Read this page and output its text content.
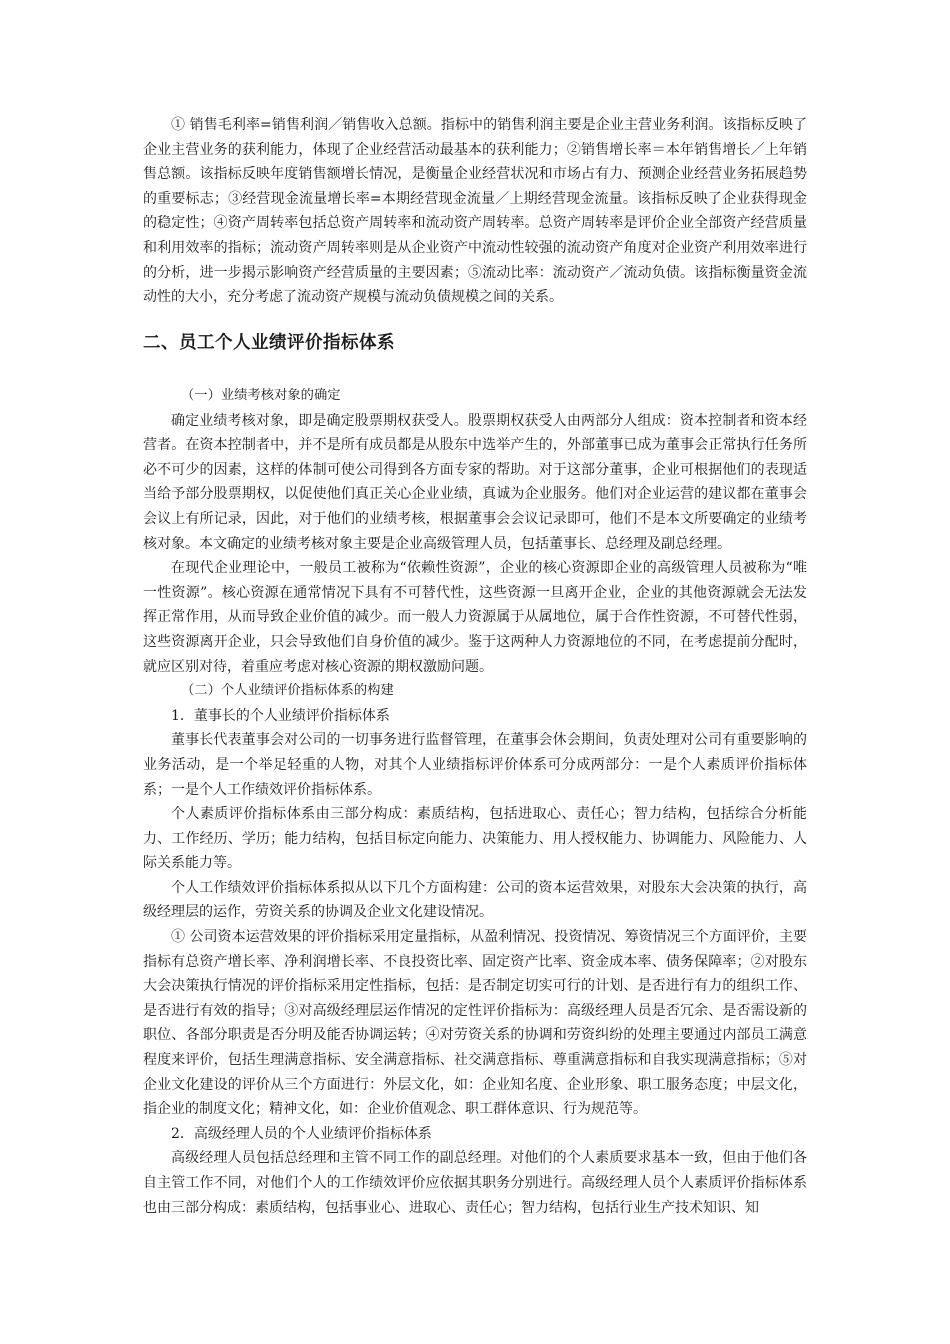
① 销售毛利率=销售利润／销售收入总额。指标中的销售利润主要是企业主营业务利润。该指标反映了企业主营业务的获利能力，体现了企业经营活动最基本的获利能力；②销售增长率＝本年销售增长／上年销售总额。该指标反映年度销售额增长情况，是衡量企业经营状况和市场占有力、预测企业经营业务拓展趋势的重要标志；③经营现金流量增长率=本期经营现金流量／上期经营现金流量。该指标反映了企业获得现金的稳定性；④资产周转率包括总资产周转率和流动资产周转率。总资产周转率是评价企业全部资产经营质量和利用效率的指标；流动资产周转率则是从企业资产中流动性较强的流动资产角度对企业资产利用效率进行的分析，进一步揭示影响资产经营质量的主要因素；⑤流动比率：流动资产／流动负债。该指标衡量资金流动性的大小，充分考虑了流动资产规模与流动负债规模之间的关系。

二、员工个人业绩评价指标体系

（一）业绩考核对象的确定

确定业绩考核对象，即是确定股票期权获受人。股票期权获受人由两部分人组成：资本控制者和资本经营者。在资本控制者中，并不是所有成员都是从股东中选举产生的，外部董事已成为董事会正常执行任务所必不可少的因素，这样的体制可使公司得到各方面专家的帮助。对于这部分董事，企业可根据他们的表现适当给予部分股票期权，以促使他们真正关心企业业绩，真诚为企业服务。他们对企业运营的建议都在董事会会议上有所记录，因此，对于他们的业绩考核，根据董事会会议记录即可，他们不是本文所要确定的业绩考核对象。本文确定的业绩考核对象主要是企业高级管理人员，包括董事长、总经理及副总经理。

在现代企业理论中，一般员工被称为“依赖性资源”，企业的核心资源即企业的高级管理人员被称为“唯一性资源”。核心资源在通常情况下具有不可替代性，这些资源一旦离开企业，企业的其他资源就会无法发挥正常作用，从而导致企业价值的减少。而一般人力资源属于从属地位，属于合作性资源，不可替代性弱，这些资源离开企业，只会导致他们自身价值的减少。鉴于这两种人力资源地位的不同，在考虑提前分配时，就应区别对待，着重应考虑对核心资源的期权激励问题。

（二）个人业绩评价指标体系的构建

1．董事长的个人业绩评价指标体系

董事长代表董事会对公司的一切事务进行监督管理，在董事会休会期间，负责处理对公司有重要影响的业务活动，是一个举足轻重的人物，对其个人业绩指标评价体系可分成两部分：一是个人素质评价指标体系；一是个人工作绩效评价指标体系。

个人素质评价指标体系由三部分构成：素质结构，包括进取心、责任心；智力结构，包括综合分析能力、工作经历、学历；能力结构，包括目标定向能力、决策能力、用人授权能力、协调能力、风险能力、人际关系能力等。

个人工作绩效评价指标体系拟从以下几个方面构建：公司的资本运营效果，对股东大会决策的执行，高级经理层的运作，劳资关系的协调及企业文化建设情况。

① 公司资本运营效果的评价指标采用定量指标，从盈利情况、投资情况、筹资情况三个方面评价，主要指标有总资产增长率、净利润增长率、不良投资比率、固定资产比率、资金成本率、债务保障率；②对股东大会决策执行情况的评价指标采用定性指标，包括：是否制定切实可行的计划、是否进行有力的组织工作、是否进行有效的指导；③对高级经理层运作情况的定性评价指标为：高级经理人员是否冗余、是否需设新的职位、各部分职责是否分明及能否协调运转；④对劳资关系的协调和劳资纠纷的处理主要通过内部员工满意程度来评价，包括生理满意指标、安全满意指标、社交满意指标、尊重满意指标和自我实现满意指标；⑤对企业文化建设的评价从三个方面进行：外层文化，如：企业知名度、企业形象、职工服务态度；中层文化，指企业的制度文化；精神文化，如：企业价值观念、职工群体意识、行为规范等。

2．高级经理人员的个人业绩评价指标体系

高级经理人员包括总经理和主管不同工作的副总经理。对他们的个人素质要求基本一致，但由于他们各自主管工作不同，对他们个人的工作绩效评价应依据其职务分别进行。高级经理人员个人素质评价指标体系也由三部分构成：素质结构，包括事业心、进取心、责任心；智力结构，包括行业生产技术知识、知
